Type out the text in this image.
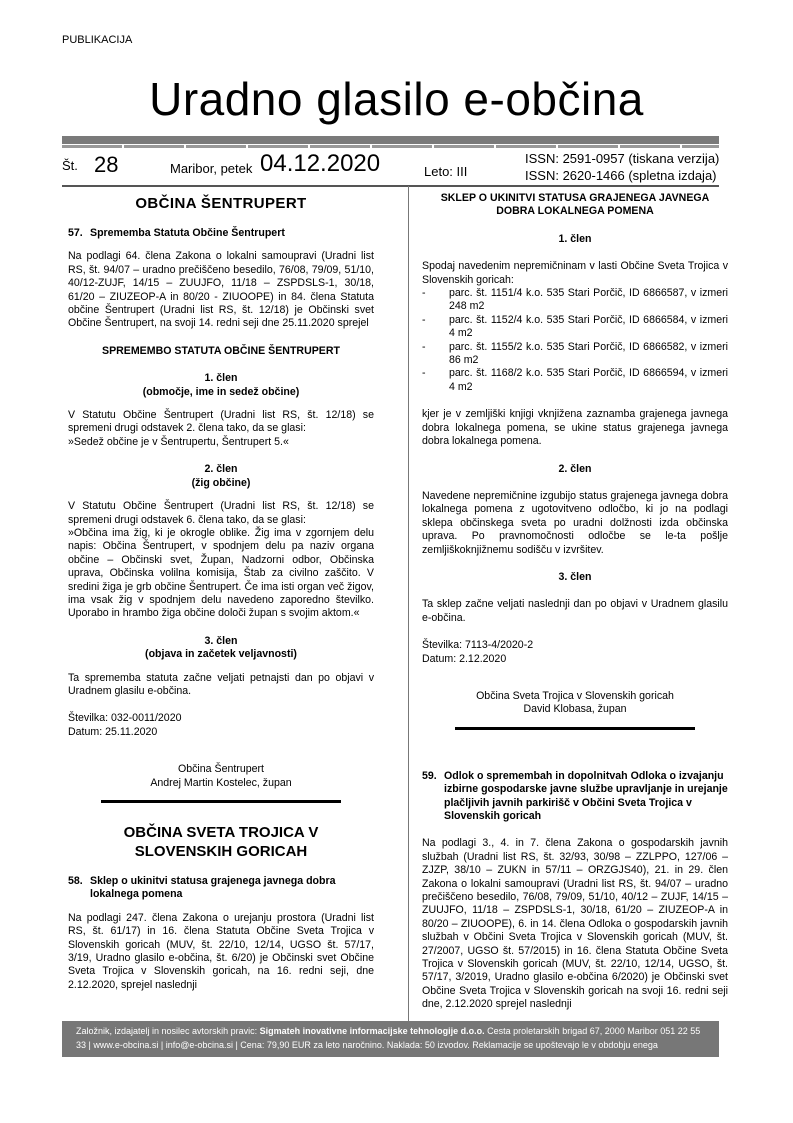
PUBLIKACIJA
Uradno glasilo e-občina
Št. 28	Maribor, petek 04.12.2020	Leto: III
ISSN: 2591-0957 (tiskana verzija)
ISSN: 2620-1466 (spletna izdaja)
OBČINA ŠENTRUPERT
57. Sprememba Statuta Občine Šentrupert

Na podlagi 64. člena Zakona o lokalni samoupravi (Uradni list RS, št. 94/07 – uradno prečiščeno besedilo, 76/08, 79/09, 51/10, 40/12-ZUJF, 14/15 – ZUUJFO, 11/18 – ZSPDSLS-1, 30/18, 61/20 – ZIUZEOP-A in 80/20 - ZIUOOPE) in 84. člena Statuta občine Šentrupert (Uradni list RS, št. 12/18) je Občinski svet Občine Šentrupert, na svoji 14. redni seji dne 25.11.2020 sprejel

SPREMEMBO STATUTA OBČINE ŠENTRUPERT

1. člen

(območje, ime in sedež občine)

V Statutu Občine Šentrupert (Uradni list RS, št. 12/18) se spremeni drugi odstavek 2. člena tako, da se glasi:

»Sedež občine je v Šentrupertu, Šentrupert 5.«

2. člen

(žig občine)

V Statutu Občine Šentrupert (Uradni list RS, št. 12/18) se spremeni drugi odstavek 6. člena tako, da se glasi:

»Občina ima žig, ki je okrogle oblike. Žig ima v zgornjem delu napis: Občina Šentrupert, v spodnjem delu pa naziv organa občine – Občinski svet, Župan, Nadzorni odbor, Občinska uprava, Občinska volilna komisija, Štab za civilno zaščito. V sredini žiga je grb občine Šentrupert. Če ima isti organ več žigov, ima vsak žig v spodnjem delu navedeno zaporedno številko. Uporabo in hrambo žiga občine določi župan s svojim aktom.«

3. člen

(objava in začetek veljavnosti)

Ta sprememba statuta začne veljati petnajsti dan po objavi v Uradnem glasilu e-občina.

Številka: 032-0011/2020

Datum: 25.11.2020

Občina Šentrupert

Andrej Martin Kostelec, župan

OBČINA SVETA TROJICA V SLOVENSKIH GORICAH
58. Sklep o ukinitvi statusa grajenega javnega dobra lokalnega pomena

Na podlagi 247. člena Zakona o urejanju prostora (Uradni list RS, št. 61/17) in 16. člena Statuta Občine Sveta Trojica v Slovenskih goricah (MUV, št. 22/10, 12/14, UGSO št. 57/17, 3/19, Uradno glasilo e-občina, št. 6/20) je Občinski svet Občine Sveta Trojica v Slovenskih goricah, na 16. redni seji, dne 2.12.2020, sprejel naslednji

SKLEP O UKINITVI STATUSA GRAJENEGA JAVNEGA DOBRA LOKALNEGA POMENA

1. člen

Spodaj navedenim nepremičninam v lasti Občine Sveta Trojica v Slovenskih goricah:

-	parc. št. 1151/4 k.o. 535 Stari Porčič, ID 6866587, v izmeri 248 m2
-	parc. št. 1152/4 k.o. 535 Stari Porčič, ID 6866584, v izmeri 4 m2
-	parc. št. 1155/2 k.o. 535 Stari Porčič, ID 6866582, v izmeri 86 m2
-	parc. št. 1168/2 k.o. 535 Stari Porčič, ID 6866594, v izmeri 4 m2

kjer je v zemljiški knjigi vknjižena zaznamba grajenega javnega dobra lokalnega pomena, se ukine status grajenega javnega dobra lokalnega pomena.

2. člen

Navedene nepremičnine izgubijo status grajenega javnega dobra lokalnega pomena z ugotovitveno odločbo, ki jo na podlagi sklepa občinskega sveta po uradni dolžnosti izda občinska uprava. Po pravnomočnosti odločbe se le-ta pošlje zemljiškoknjižnemu sodišču v izvršitev.

3. člen

Ta sklep začne veljati naslednji dan po objavi v Uradnem glasilu e-občina.

Številka: 7113-4/2020-2

Datum: 2.12.2020

Občina Sveta Trojica v Slovenskih goricah

David Klobasa, župan

59. Odlok o spremembah in dopolnitvah Odloka o izvajanju izbirne gospodarske javne službe upravljanje in urejanje plačljivih javnih parkirišč v Občini Sveta Trojica v Slovenskih goricah

Na podlagi 3., 4. in 7. člena Zakona o gospodarskih javnih službah (Uradni list RS, št. 32/93, 30/98 – ZZLPPO, 127/06 – ZJZP, 38/10 – ZUKN in 57/11 – ORZGJS40), 21. in 29. člen Zakona o lokalni samoupravi (Uradni list RS, št. 94/07 – uradno prečiščeno besedilo, 76/08, 79/09, 51/10, 40/12 – ZUJF, 14/15 – ZUUJFO, 11/18 – ZSPDSLS-1, 30/18, 61/20 – ZIUZEOP-A in 80/20 – ZIUOOPE), 6. in 14. člena Odloka o gospodarskih javnih službah v Občini Sveta Trojica v Slovenskih goricah (MUV, št. 27/2007, UGSO št. 57/2015) in 16. člena Statuta Občine Sveta Trojica v Slovenskih goricah (MUV, št. 22/10, 12/14, UGSO, št. 57/17, 3/2019, Uradno glasilo e-občina 6/2020) je Občinski svet Občine Sveta Trojica v Slovenskih goricah na svoji 16. redni seji dne, 2.12.2020 sprejel naslednji

Založnik, izdajatelj in nosilec avtorskih pravic: Sigmateh inovativne informacijske tehnologije d.o.o. Cesta proletarskih brigad 67, 2000 Maribor 051 22 55 33 | www.e-obcina.si | info@e-obcina.si | Cena: 79,90 EUR za leto naročnino. Naklada: 50 izvodov. Reklamacije se upoštevajo le v obdobju enega
